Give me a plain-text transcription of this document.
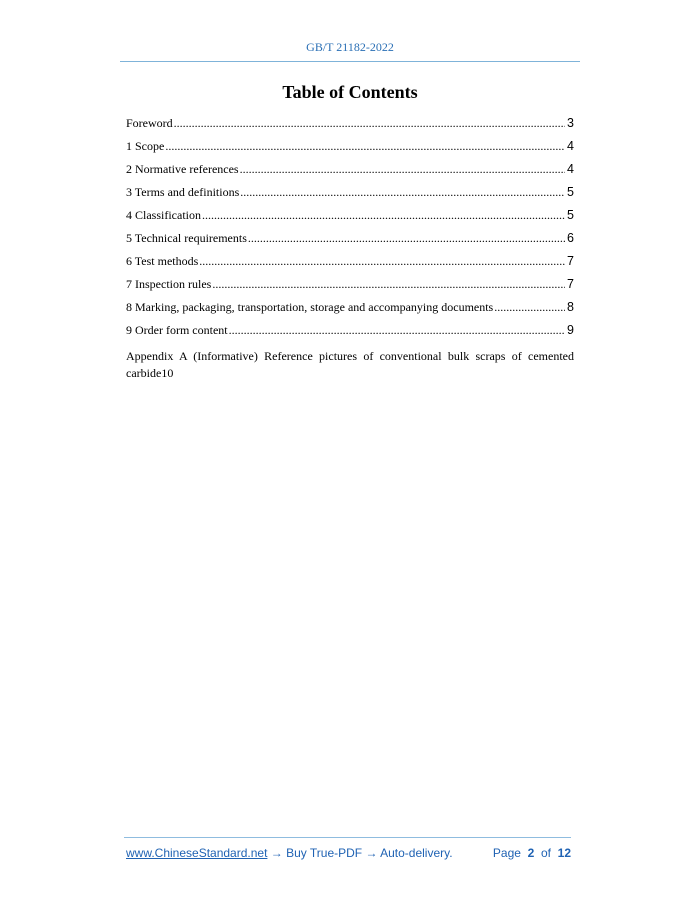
GB/T 21182-2022
Table of Contents
Foreword .....	3
1 Scope .....	4
2 Normative references .....	4
3 Terms and definitions .....	5
4 Classification .....	5
5 Technical requirements .....	6
6 Test methods .....	7
7 Inspection rules .....	7
8 Marking, packaging, transportation, storage and accompanying documents .....	8
9 Order form content .....	9
Appendix A (Informative) Reference pictures of conventional bulk scraps of cemented
carbide 10
www.ChineseStandard.net → Buy True-PDF → Auto-delivery.	Page 2 of 12
